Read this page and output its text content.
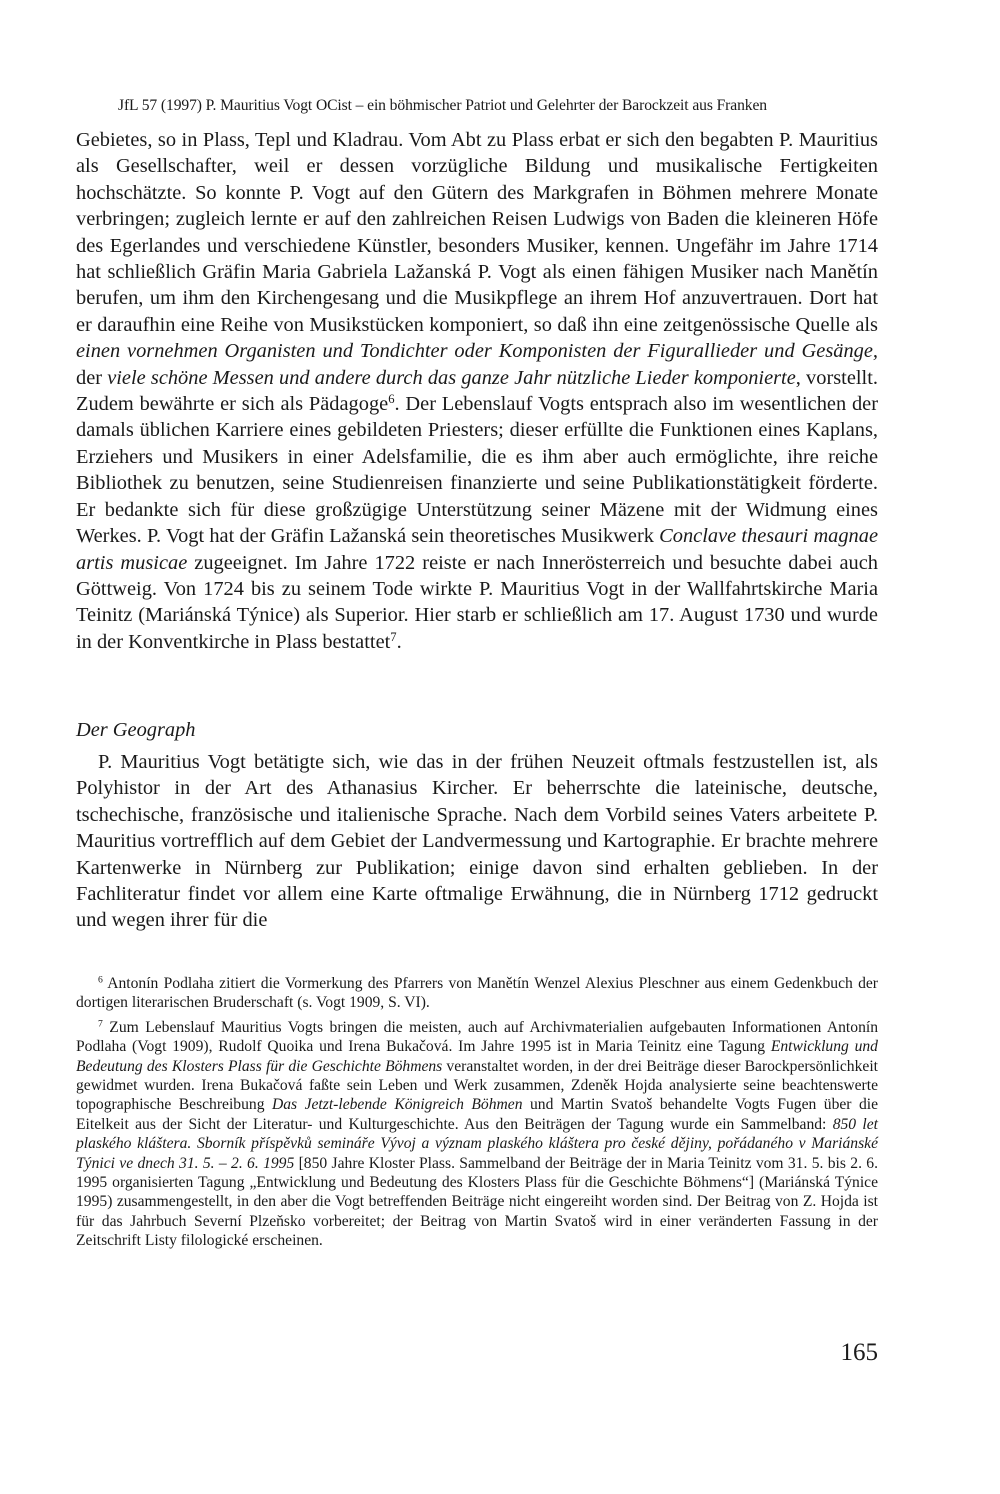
JfL 57 (1997) P. Mauritius Vogt OCist – ein böhmischer Patriot und Gelehrter der Barockzeit aus Franken

Gebietes, so in Plass, Tepl und Kladrau. Vom Abt zu Plass erbat er sich den begabten P. Mauritius als Gesellschafter, weil er dessen vorzügliche Bildung und musikalische Fertigkeiten hochschätzte. So konnte P. Vogt auf den Gütern des Markgrafen in Böhmen mehrere Monate verbringen; zugleich lernte er auf den zahlreichen Reisen Ludwigs von Baden die kleineren Höfe des Egerlandes und verschiedene Künstler, besonders Musiker, kennen. Ungefähr im Jahre 1714 hat schließlich Gräfin Maria Gabriela Lažanská P. Vogt als einen fähigen Musiker nach Manětín berufen, um ihm den Kirchengesang und die Musikpflege an ihrem Hof anzuvertrauen. Dort hat er daraufhin eine Reihe von Musikstücken komponiert, so daß ihn eine zeitgenössische Quelle als einen vornehmen Organisten und Tondichter oder Komponisten der Figurallieder und Gesänge, der viele schöne Messen und andere durch das ganze Jahr nützliche Lieder komponierte, vorstellt. Zudem bewährte er sich als Pädagoge$^6$. Der Lebenslauf Vogts entsprach also im wesentlichen der damals üblichen Karriere eines gebildeten Priesters; dieser erfüllte die Funktionen eines Kaplans, Erziehers und Musikers in einer Adelsfamilie, die es ihm aber auch ermöglichte, ihre reiche Bibliothek zu benutzen, seine Studienreisen finanzierte und seine Publikationstätigkeit förderte. Er bedankte sich für diese großzügige Unterstützung seiner Mäzene mit der Widmung eines Werkes. P. Vogt hat der Gräfin Lažanská sein theoretisches Musikwerk Conclave thesauri magnae artis musicae zugeeignet. Im Jahre 1722 reiste er nach Innerösterreich und besuchte dabei auch Göttweig. Von 1724 bis zu seinem Tode wirkte P. Mauritius Vogt in der Wallfahrtskirche Maria Teinitz (Mariánská Týnice) als Superior. Hier starb er schließlich am 17. August 1730 und wurde in der Konventkirche in Plass bestattet$^7$.

Der Geograph

P. Mauritius Vogt betätigte sich, wie das in der frühen Neuzeit oftmals festzustellen ist, als Polyhistor in der Art des Athanasius Kircher. Er beherrschte die lateinische, deutsche, tschechische, französische und italienische Sprache. Nach dem Vorbild seines Vaters arbeitete P. Mauritius vortrefflich auf dem Gebiet der Landvermessung und Kartographie. Er brachte mehrere Kartenwerke in Nürnberg zur Publikation; einige davon sind erhalten geblieben. In der Fachliteratur findet vor allem eine Karte oftmalige Erwähnung, die in Nürnberg 1712 gedruckt und wegen ihrer für die

$^6$ Antonín Podlaha zitiert die Vormerkung des Pfarrers von Manětín Wenzel Alexius Pleschner aus einem Gedenkbuch der dortigen literarischen Bruderschaft (s. Vogt 1909, S. VI).

$^7$ Zum Lebenslauf Mauritius Vogts bringen die meisten, auch auf Archivmaterialien aufgebauten Informationen Antonín Podlaha (Vogt 1909), Rudolf Quoika und Irena Bukačová. Im Jahre 1995 ist in Maria Teinitz eine Tagung Entwicklung und Bedeutung des Klosters Plass für die Geschichte Böhmens veranstaltet worden, in der drei Beiträge dieser Barockpersönlichkeit gewidmet wurden. Irena Bukačová faßte sein Leben und Werk zusammen, Zdeněk Hojda analysierte seine beachtenswerte topographische Beschreibung Das Jetzt-lebende Königreich Böhmen und Martin Svatoš behandelte Vogts Fugen über die Eitelkeit aus der Sicht der Literatur- und Kulturgeschichte. Aus den Beiträgen der Tagung wurde ein Sammelband: 850 let plaského kláštera. Sborník příspěvků semináře Vývoj a význam plaského kláštera pro české dějiny, pořádaného v Mariánské Týnici ve dnech 31. 5. – 2. 6. 1995 [850 Jahre Kloster Plass. Sammelband der Beiträge der in Maria Teinitz vom 31. 5. bis 2. 6. 1995 organisierten Tagung „Entwicklung und Bedeutung des Klosters Plass für die Geschichte Böhmens“] (Mariánská Týnice 1995) zusammengestellt, in den aber die Vogt betreffenden Beiträge nicht eingereiht worden sind. Der Beitrag von Z. Hojda ist für das Jahrbuch Severní Plzeňsko vorbereitet; der Beitrag von Martin Svatoš wird in einer veränderten Fassung in der Zeitschrift Listy filologické erscheinen.

165
